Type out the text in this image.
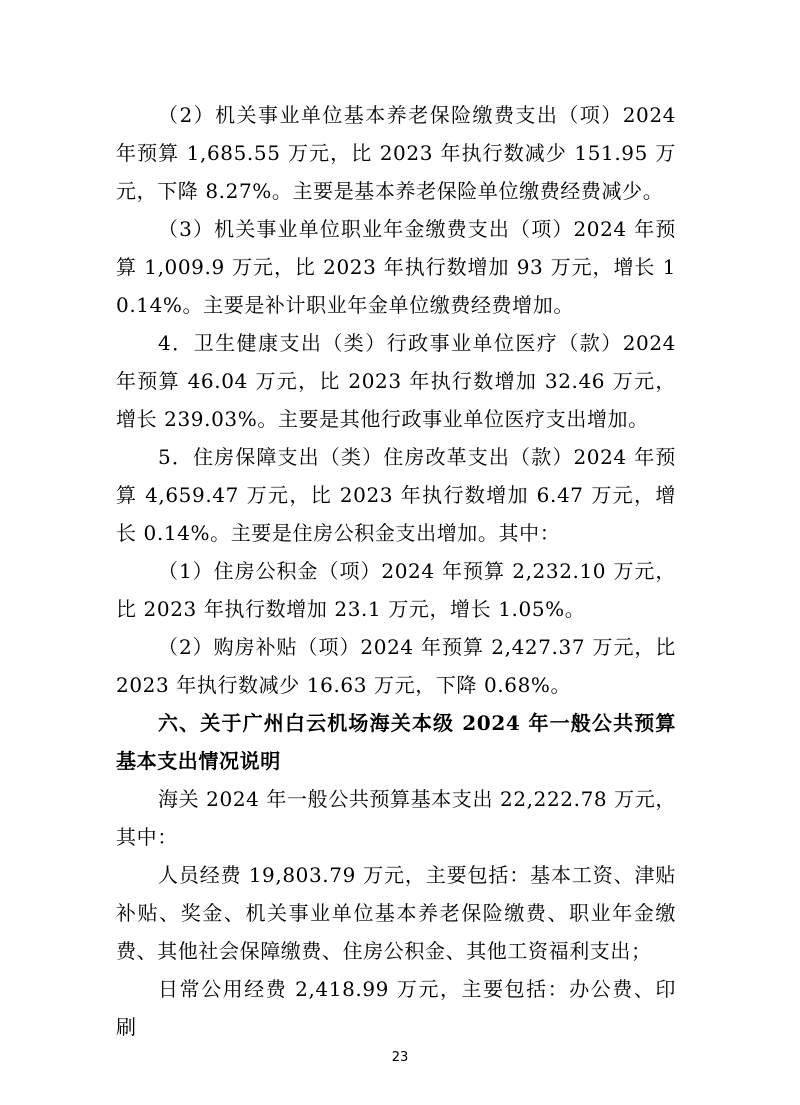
（2）机关事业单位基本养老保险缴费支出（项）2024年预算 1,685.55 万元，比 2023 年执行数减少 151.95 万元，下降 8.27%。主要是基本养老保险单位缴费经费减少。

（3）机关事业单位职业年金缴费支出（项）2024 年预算 1,009.9 万元，比 2023 年执行数增加 93 万元，增长 10.14%。主要是补计职业年金单位缴费经费增加。

4．卫生健康支出（类）行政事业单位医疗（款）2024年预算 46.04 万元，比 2023 年执行数增加 32.46 万元，增长 239.03%。主要是其他行政事业单位医疗支出增加。

5．住房保障支出（类）住房改革支出（款）2024 年预算 4,659.47 万元，比 2023 年执行数增加 6.47 万元，增长 0.14%。主要是住房公积金支出增加。其中：

（1）住房公积金（项）2024 年预算 2,232.10 万元，比 2023 年执行数增加 23.1 万元，增长 1.05%。

（2）购房补贴（项）2024 年预算 2,427.37 万元，比 2023 年执行数减少 16.63 万元，下降 0.68%。

六、关于广州白云机场海关本级 2024 年一般公共预算基本支出情况说明

海关 2024 年一般公共预算基本支出 22,222.78 万元，其中：

人员经费 19,803.79 万元，主要包括：基本工资、津贴补贴、奖金、机关事业单位基本养老保险缴费、职业年金缴费、其他社会保障缴费、住房公积金、其他工资福利支出；

日常公用经费 2,418.99 万元，主要包括：办公费、印刷

23
